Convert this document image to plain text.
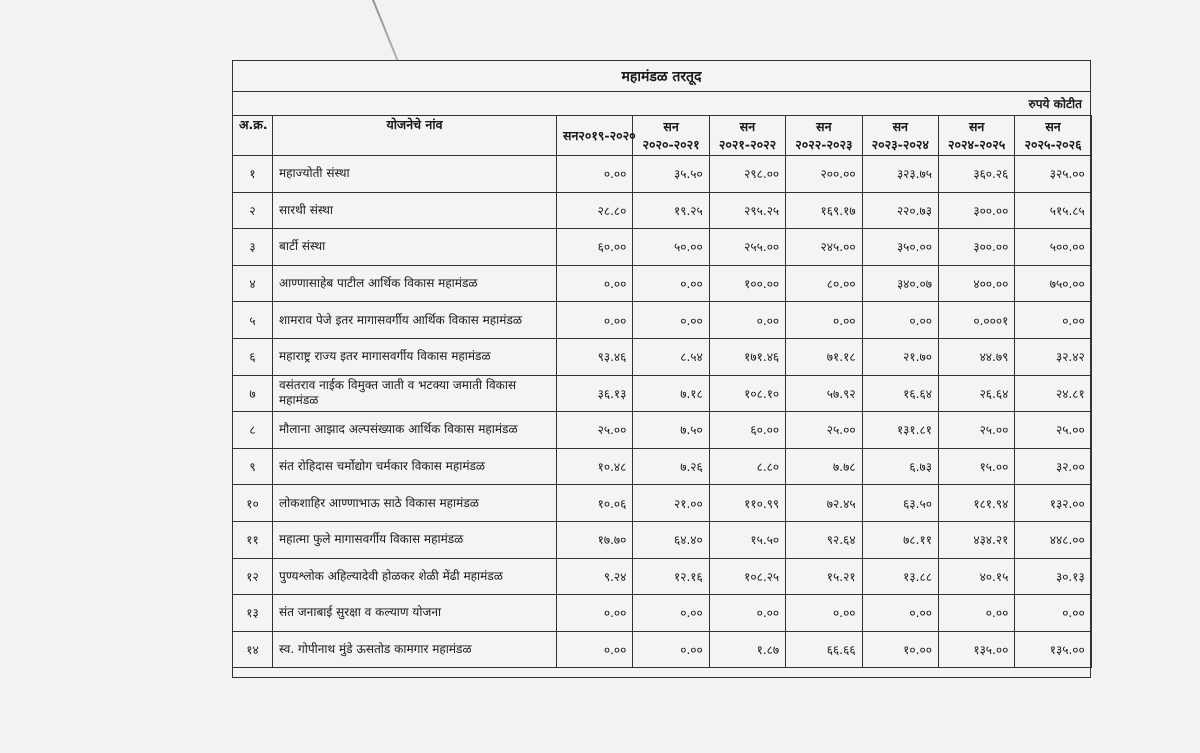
महामंडळ तरतूद
रुपये कोटीत
अ.क्र.	योजनेचे नांव	सन२०१९-२०२०	सन २०२०-२०२१	सन २०२१-२०२२	सन २०२२-२०२३	सन २०२३-२०२४	सन २०२४-२०२५	सन २०२५-२०२६
१	महाज्योती संस्था	०.००	३५.५०	२९८.००	२००.००	३२३.७५	३६०.२६	३२५.००
२	सारथी संस्था	२८.८०	१९.२५	२९५.२५	१६९.१७	२२०.७३	३००.००	५१५.८५
३	बार्टी संस्था	६०.००	५०.००	२५५.००	२४५.००	३५०.००	३००.००	५००.००
४	आण्णासाहेब पाटील आर्थिक विकास महामंडळ	०.००	०.००	१००.००	८०.००	३४०.०७	४००.००	७५०.००
५	शामराव पेजे इतर मागासवर्गीय आर्थिक विकास महामंडळ	०.००	०.००	०.००	०.००	०.००	०.०००१	०.००
६	महाराष्ट्र राज्य इतर मागासवर्गीय विकास महामंडळ	९३.४६	८.५४	१७१.४६	७१.१८	२१.७०	४४.७९	३२.४२
७	वसंतराव नाईक विमुक्त जाती व भटक्या जमाती विकास महामंडळ	३६.१३	७.१८	१०८.१०	५७.९२	१६.६४	२६.६४	२४.८१
८	मौलाना आझाद अल्पसंख्याक आर्थिक विकास महामंडळ	२५.००	७.५०	६०.००	२५.००	१३१.८१	२५.००	२५.००
९	संत रोहिदास चर्मोद्योग चर्मकार विकास महामंडळ	१०.४८	७.२६	८.८०	७.७८	६.७३	१५.००	३२.००
१०	लोकशाहिर आण्णाभाऊ साठे विकास महामंडळ	१०.०६	२१.००	११०.९९	७२.४५	६३.५०	१८१.९४	१३२.००
११	महात्मा फुले मागासवर्गीय विकास महामंडळ	१७.७०	६४.४०	१५.५०	९२.६४	७८.११	४३४.२१	४४८.००
१२	पुण्यश्लोक अहिल्यादेवी होळकर शेळी मेंढी महामंडळ	९.२४	१२.१६	१०८.२५	१५.२१	१३.८८	४०.१५	३०.१३
१३	संत जनाबाई सुरक्षा व कल्याण योजना	०.००	०.००	०.००	०.००	०.००	०.००	०.००
१४	स्व. गोपीनाथ मुंडे ऊसतोड कामगार महामंडळ	०.००	०.००	१.८७	६६.६६	१०.००	१३५.००	१३५.००
